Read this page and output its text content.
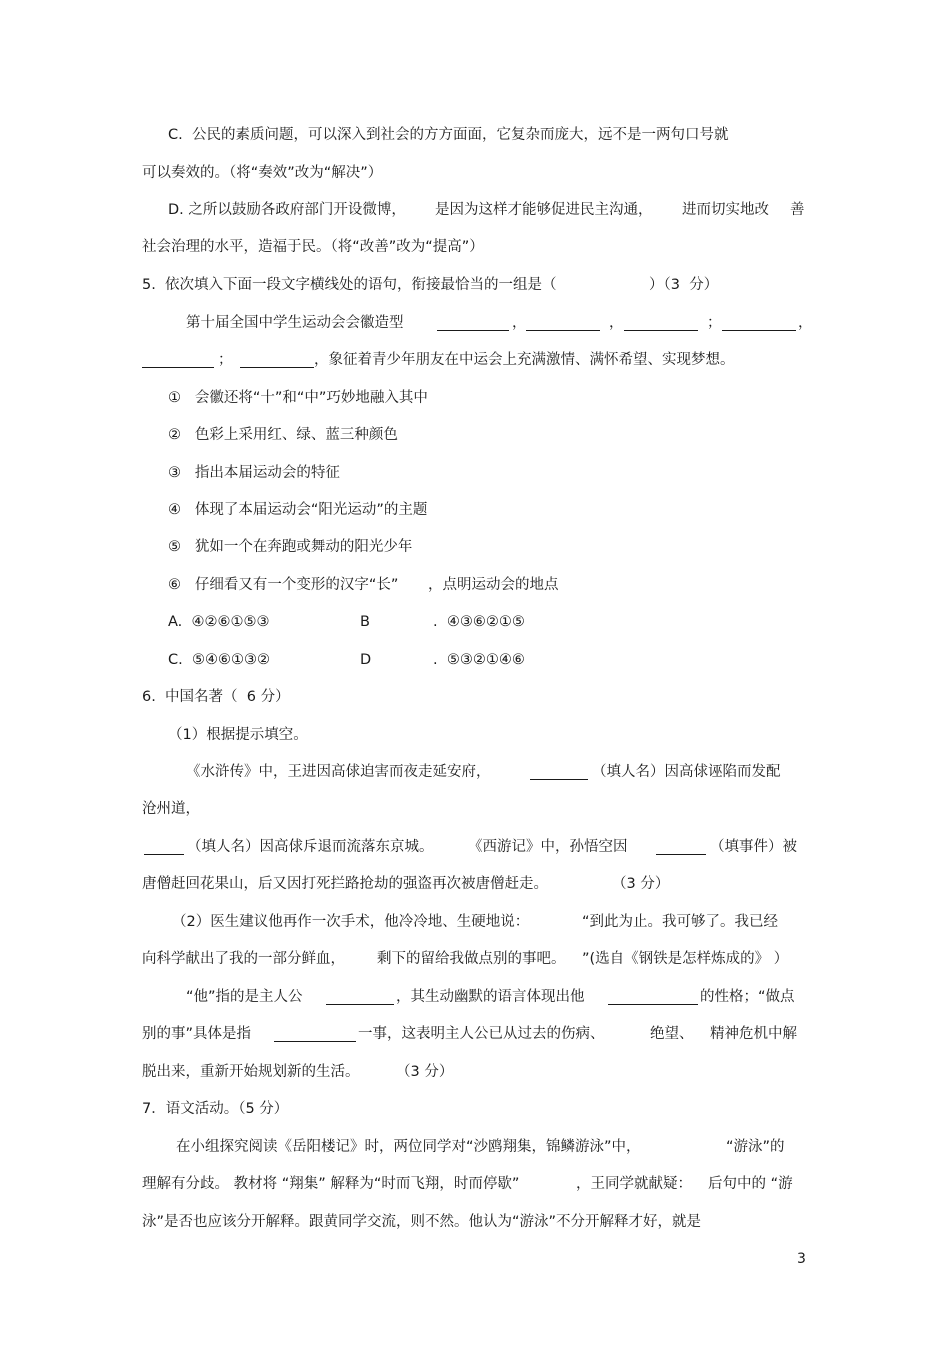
C.  公民的素质问题，可以深入到社会的方方面面，它复杂而庞大，远不是一两句口号就
可以奏效的。（将“奏效”改为“解决”）
D. 之所以鼓励各政府部门开设微博， 是因为这样才能够促进民主沟通， 进而切实地改 善
社会治理的水平，造福于民。（将“改善”改为“提高”）
5.  依次填入下面一段文字横线处的语句，衔接最恰当的一组是（	）（3  分）
第十届全国中学生运动会会徽造型	，	，	；	，
；	，象征着青少年朋友在中运会上充满激情、满怀希望、实现梦想。
①   会徽还将“十”和“中”巧妙地融入其中
②   色彩上采用红、绿、蓝三种颜色
③   指出本届运动会的特征
④   体现了本届运动会“阳光运动”的主题
⑤   犹如一个在奔跑或舞动的阳光少年
⑥   仔细看又有一个变形的汉字“长” ，点明运动会的地点
A.  ④②⑥①⑤③	B	.  ④③⑥②①⑤
C.  ⑤④⑥①③②	D	.  ⑤③②①④⑥
6.  中国名著（  6 分）
（1）根据提示填空。
《水浒传》中，王进因高俅迫害而夜走延安府，	（填人名）因高俅诬陷而发配
沧州道，
（填人名）因高俅斥退而流落东京城。 《西游记》中，孙悟空因	（填事件）被
唐僧赶回花果山，后又因打死拦路抢劫的强盗再次被唐僧赶走。	（3 分）
（2）医生建议他再作一次手术，他冷冷地、生硬地说：	“到此为止。我可够了。我已经
向科学献出了我的一部分鲜血， 剩下的留给我做点别的事吧。 ”(选自《钢铁是怎样炼成的》 ）
“他”指的是主人公	，其生动幽默的语言体现出他	的性格；“做点
别的事”具体是指	一事，这表明主人公已从过去的伤病、	绝望、 精神危机中解
脱出来，重新开始规划新的生活。	（3 分）
7．语文活动。（5 分）
在小组探究阅读《岳阳楼记》时，两位同学对“沙鸥翔集，锦鳞游泳”中，	“游泳”的
理解有分歧。 教材将 “翔集” 解释为“时而飞翔，时而停歇”	，王同学就献疑： 后句中的 “游
泳”是否也应该分开解释。跟黄同学交流，则不然。他认为“游泳”不分开解释才好，就是
3
